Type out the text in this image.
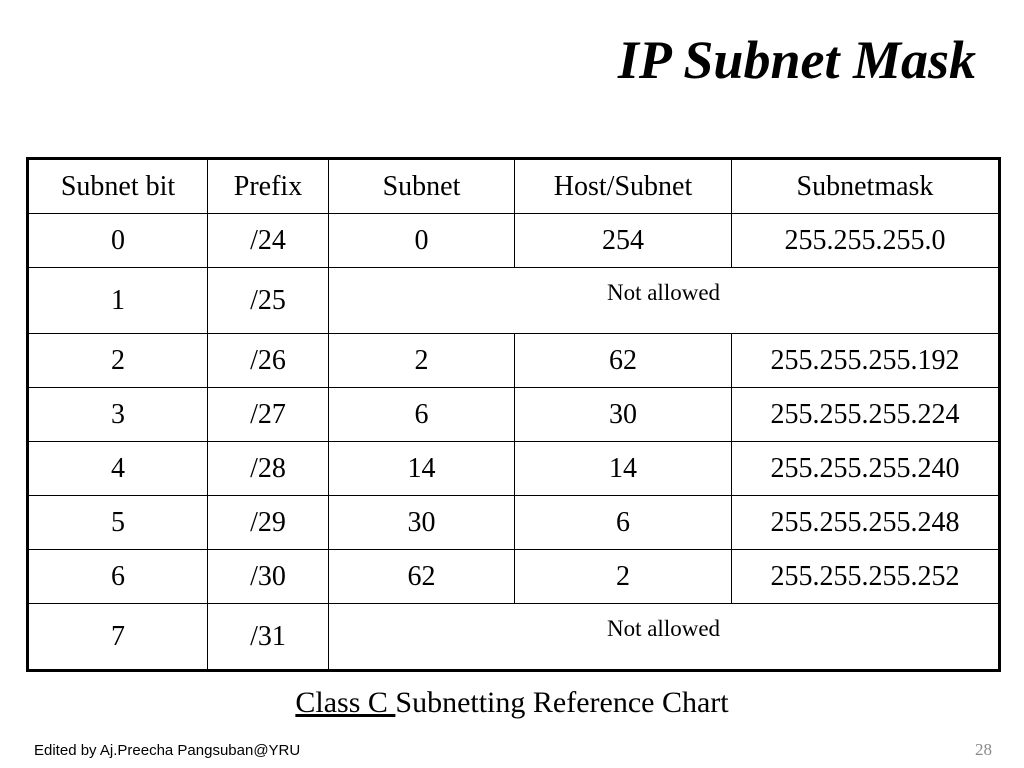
IP Subnet Mask
Subnet bit	Prefix	Subnet	Host/Subnet	Subnetmask
0	/24	0	254	255.255.255.0
1	/25	Not allowed		
2	/26	2	62	255.255.255.192
3	/27	6	30	255.255.255.224
4	/28	14	14	255.255.255.240
5	/29	30	6	255.255.255.248
6	/30	62	2	255.255.255.252
7	/31	Not allowed		
Class C Subnetting Reference Chart
Edited by Aj.Preecha Pangsuban@YRU	28
